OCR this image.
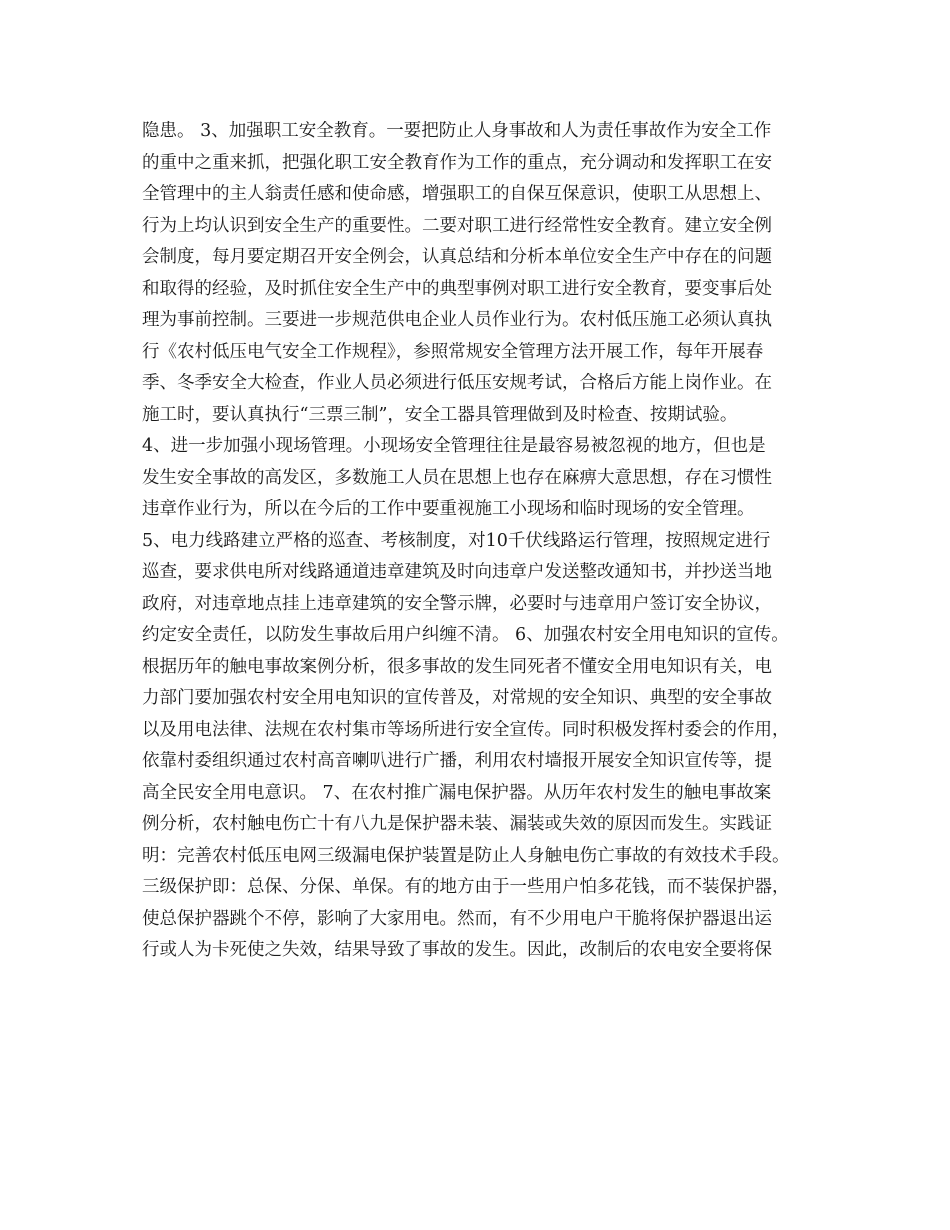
隐患。 3、加强职工安全教育。一要把防止人身事故和人为责任事故作为安全工作
的重中之重来抓，把强化职工安全教育作为工作的重点，充分调动和发挥职工在安
全管理中的主人翁责任感和使命感，增强职工的自保互保意识，使职工从思想上、
行为上均认识到安全生产的重要性。二要对职工进行经常性安全教育。建立安全例
会制度，每月要定期召开安全例会，认真总结和分析本单位安全生产中存在的问题
和取得的经验，及时抓住安全生产中的典型事例对职工进行安全教育，要变事后处
理为事前控制。三要进一步规范供电企业人员作业行为。农村低压施工必须认真执
行《农村低压电气安全工作规程》，参照常规安全管理方法开展工作，每年开展春
季、冬季安全大检查，作业人员必须进行低压安规考试，合格后方能上岗作业。在
施工时，要认真执行“三票三制”，安全工器具管理做到及时检查、按期试验。
4、进一步加强小现场管理。小现场安全管理往往是最容易被忽视的地方，但也是
发生安全事故的高发区，多数施工人员在思想上也存在麻痹大意思想，存在习惯性
违章作业行为，所以在今后的工作中要重视施工小现场和临时现场的安全管理。
5、电力线路建立严格的巡查、考核制度，对10千伏线路运行管理，按照规定进行
巡查，要求供电所对线路通道违章建筑及时向违章户发送整改通知书，并抄送当地
政府，对违章地点挂上违章建筑的安全警示牌，必要时与违章用户签订安全协议，
约定安全责任，以防发生事故后用户纠缠不清。 6、加强农村安全用电知识的宣传。
根据历年的触电事故案例分析，很多事故的发生同死者不懂安全用电知识有关，电
力部门要加强农村安全用电知识的宣传普及，对常规的安全知识、典型的安全事故
以及用电法律、法规在农村集市等场所进行安全宣传。同时积极发挥村委会的作用，
依靠村委组织通过农村高音喇叭进行广播，利用农村墙报开展安全知识宣传等，提
高全民安全用电意识。 7、在农村推广漏电保护器。从历年农村发生的触电事故案
例分析，农村触电伤亡十有八九是保护器未装、漏装或失效的原因而发生。实践证
明：完善农村低压电网三级漏电保护装置是防止人身触电伤亡事故的有效技术手段。
三级保护即：总保、分保、单保。有的地方由于一些用户怕多花钱，而不装保护器，
使总保护器跳个不停，影响了大家用电。然而，有不少用电户干脆将保护器退出运
行或人为卡死使之失效，结果导致了事故的发生。因此，改制后的农电安全要将保
